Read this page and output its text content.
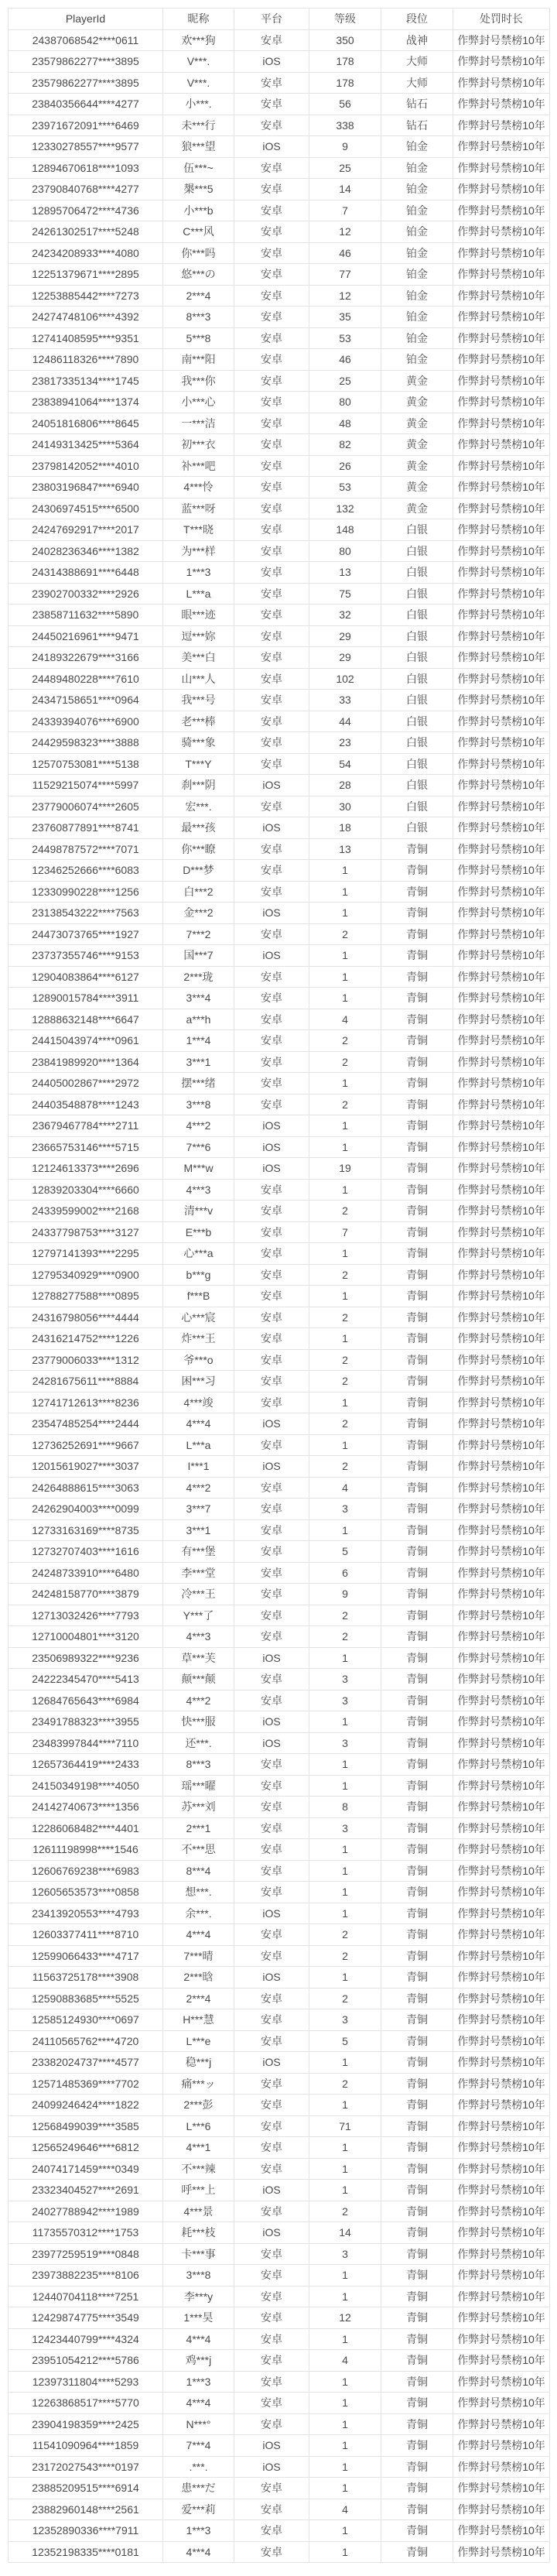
PlayerId	昵称	平台	等级	段位	处罚时长
24387068542****0611	欢***狗	安卓	350	战神	作弊封号禁榜10年
23579862277****3895	V***.	iOS	178	大师	作弊封号禁榜10年
23579862277****3895	V***.	安卓	178	大师	作弊封号禁榜10年
23840356644****4277	小***.	安卓	56	钻石	作弊封号禁榜10年
23971672091****6469	未***行	安卓	338	钻石	作弊封号禁榜10年
12330278557****9577	狼***望	iOS	9	铂金	作弊封号禁榜10年
12894670618****1093	伍***~	安卓	25	铂金	作弊封号禁榜10年
23790840768****4277	槼***5	安卓	14	铂金	作弊封号禁榜10年
12895706472****4736	小***b	安卓	7	铂金	作弊封号禁榜10年
24261302517****5248	C***风	安卓	12	铂金	作弊封号禁榜10年
24234208933****4080	你***吗	安卓	46	铂金	作弊封号禁榜10年
12251379671****2895	悠***の	安卓	77	铂金	作弊封号禁榜10年
12253885442****7273	2***4	安卓	12	铂金	作弊封号禁榜10年
24274748106****4392	8***3	安卓	35	铂金	作弊封号禁榜10年
12741408595****9351	5***8	安卓	53	铂金	作弊封号禁榜10年
12486118326****7890	南***阳	安卓	46	铂金	作弊封号禁榜10年
23817335134****1745	我***你	安卓	25	黄金	作弊封号禁榜10年
23838941064****1374	小***心	安卓	80	黄金	作弊封号禁榜10年
24051816806****8645	一***洁	安卓	48	黄金	作弊封号禁榜10年
24149313425****5364	初***衣	安卓	82	黄金	作弊封号禁榜10年
23798142052****4010	补***吧	安卓	26	黄金	作弊封号禁榜10年
23803196847****6940	4***怜	安卓	53	黄金	作弊封号禁榜10年
24306974515****6500	蓝***呀	安卓	132	黄金	作弊封号禁榜10年
24247692917****2017	T***晓	安卓	148	白银	作弊封号禁榜10年
24028236346****1382	为***样	安卓	80	白银	作弊封号禁榜10年
24314388691****6448	1***3	安卓	13	白银	作弊封号禁榜10年
23902700332****2926	L***a	安卓	75	白银	作弊封号禁榜10年
23858711632****5890	眼***迹	安卓	32	白银	作弊封号禁榜10年
24450216961****9471	逗***妳	安卓	29	白银	作弊封号禁榜10年
24189322679****3166	美***白	安卓	29	白银	作弊封号禁榜10年
24489480228****7610	山***人	安卓	102	白银	作弊封号禁榜10年
24347158651****0964	我***号	安卓	33	白银	作弊封号禁榜10年
24339394076****6900	老***棒	安卓	44	白银	作弊封号禁榜10年
24429598323****3888	骑***象	安卓	23	白银	作弊封号禁榜10年
12570753081****5138	T***Y	安卓	54	白银	作弊封号禁榜10年
11529215074****5997	刹***阴	iOS	28	白银	作弊封号禁榜10年
23779006074****2605	宏***.	安卓	30	白银	作弊封号禁榜10年
23760877891****8741	最***孩	iOS	18	白银	作弊封号禁榜10年
24498787572****7071	你***瞭	安卓	13	青铜	作弊封号禁榜10年
12346252666****6083	D***梦	安卓	1	青铜	作弊封号禁榜10年
12330990228****1256	白***2	安卓	1	青铜	作弊封号禁榜10年
23138543222****7563	金***2	iOS	1	青铜	作弊封号禁榜10年
24473073765****1927	7***2	安卓	2	青铜	作弊封号禁榜10年
23737355746****9153	国***7	iOS	1	青铜	作弊封号禁榜10年
12904083864****6127	2***珑	安卓	1	青铜	作弊封号禁榜10年
12890015784****3911	3***4	安卓	1	青铜	作弊封号禁榜10年
12888632148****6647	a***h	安卓	4	青铜	作弊封号禁榜10年
24415043974****0961	1***4	安卓	2	青铜	作弊封号禁榜10年
23841989920****1364	3***1	安卓	2	青铜	作弊封号禁榜10年
24405002867****2972	摆***绪	安卓	1	青铜	作弊封号禁榜10年
24403548878****1243	3***8	安卓	2	青铜	作弊封号禁榜10年
23679467784****2711	4***2	iOS	1	青铜	作弊封号禁榜10年
23665753146****5715	7***6	iOS	1	青铜	作弊封号禁榜10年
12124613373****2696	M***w	iOS	19	青铜	作弊封号禁榜10年
12839203304****6660	4***3	安卓	1	青铜	作弊封号禁榜10年
24339599002****2168	清***v	安卓	2	青铜	作弊封号禁榜10年
24337798753****3127	E***b	安卓	7	青铜	作弊封号禁榜10年
12797141393****2295	心***a	安卓	1	青铜	作弊封号禁榜10年
12795340929****0900	b***g	安卓	2	青铜	作弊封号禁榜10年
12788277588****0895	f***B	安卓	1	青铜	作弊封号禁榜10年
24316798056****4444	心***宸	安卓	2	青铜	作弊封号禁榜10年
24316214752****1226	炸***王	安卓	1	青铜	作弊封号禁榜10年
23779006033****1312	爷***o	安卓	2	青铜	作弊封号禁榜10年
24281675611****8884	困***习	安卓	2	青铜	作弊封号禁榜10年
12741712613****8236	4***竣	安卓	1	青铜	作弊封号禁榜10年
23547485254****2444	4***4	iOS	2	青铜	作弊封号禁榜10年
12736252691****9667	L***a	安卓	1	青铜	作弊封号禁榜10年
12015619027****3037	I***1	iOS	2	青铜	作弊封号禁榜10年
24264888615****3063	4***2	安卓	4	青铜	作弊封号禁榜10年
24262904003****0099	3***7	安卓	3	青铜	作弊封号禁榜10年
12733163169****8735	3***1	安卓	1	青铜	作弊封号禁榜10年
12732707403****1616	有***堡	安卓	5	青铜	作弊封号禁榜10年
24248733910****6480	李***堂	安卓	6	青铜	作弊封号禁榜10年
24248158770****3879	冷***王	安卓	9	青铜	作弊封号禁榜10年
12713032426****7793	Y***了	安卓	2	青铜	作弊封号禁榜10年
12710004801****3120	4***3	安卓	2	青铜	作弊封号禁榜10年
23506989322****9236	草***芙	iOS	1	青铜	作弊封号禁榜10年
24222345470****5413	颠***颠	安卓	3	青铜	作弊封号禁榜10年
12684765643****6984	4***2	安卓	3	青铜	作弊封号禁榜10年
23491788323****3955	快***服	iOS	1	青铜	作弊封号禁榜10年
23483997844****7110	还***.	iOS	3	青铜	作弊封号禁榜10年
12657364419****2433	8***3	安卓	1	青铜	作弊封号禁榜10年
24150349198****4050	瑶***曜	安卓	1	青铜	作弊封号禁榜10年
24142740673****1356	苏***刘	安卓	8	青铜	作弊封号禁榜10年
12286068482****4401	2***1	安卓	3	青铜	作弊封号禁榜10年
12611198998****1546	不***思	安卓	1	青铜	作弊封号禁榜10年
12606769238****6983	8***4	安卓	1	青铜	作弊封号禁榜10年
12605653573****0858	想***.	安卓	1	青铜	作弊封号禁榜10年
23413920553****4793	余***.	iOS	1	青铜	作弊封号禁榜10年
12603377411****8710	4***4	安卓	2	青铜	作弊封号禁榜10年
12599066433****4717	7***晴	安卓	2	青铜	作弊封号禁榜10年
11563725178****3908	2***晗	iOS	1	青铜	作弊封号禁榜10年
12590883685****5525	2***4	安卓	2	青铜	作弊封号禁榜10年
12585124930****0697	H***慧	安卓	3	青铜	作弊封号禁榜10年
24110565762****4720	L***e	安卓	5	青铜	作弊封号禁榜10年
23382024737****4577	稳***j	iOS	1	青铜	作弊封号禁榜10年
12571485369****7702	痛***ッ	安卓	2	青铜	作弊封号禁榜10年
24099246424****1822	2***彭	安卓	1	青铜	作弊封号禁榜10年
12568499039****3585	L***6	安卓	71	青铜	作弊封号禁榜10年
12565249646****6812	4***1	安卓	1	青铜	作弊封号禁榜10年
24074171459****0349	不***辣	安卓	1	青铜	作弊封号禁榜10年
23323404527****2691	呼***上	iOS	1	青铜	作弊封号禁榜10年
24027788942****1989	4***景	安卓	2	青铜	作弊封号禁榜10年
11735570312****1753	耗***枝	iOS	14	青铜	作弊封号禁榜10年
23977259519****0848	卡***事	安卓	3	青铜	作弊封号禁榜10年
23973882235****8106	3***8	安卓	1	青铜	作弊封号禁榜10年
12440704118****7251	李***y	安卓	1	青铜	作弊封号禁榜10年
12429874775****3549	1***昊	安卓	12	青铜	作弊封号禁榜10年
12423440799****4324	4***4	安卓	1	青铜	作弊封号禁榜10年
23951054212****5786	鸡***j	安卓	4	青铜	作弊封号禁榜10年
12397311804****5293	1***3	安卓	1	青铜	作弊封号禁榜10年
12263868517****5770	4***4	安卓	1	青铜	作弊封号禁榜10年
23904198359****2425	N***°	安卓	1	青铜	作弊封号禁榜10年
11541090964****1859	7***4	iOS	1	青铜	作弊封号禁榜10年
23172027543****0197	.***.	iOS	1	青铜	作弊封号禁榜10年
23885209515****6914	患***だ	安卓	1	青铜	作弊封号禁榜10年
23882960148****2561	爱***莉	安卓	4	青铜	作弊封号禁榜10年
12352890336****7911	1***3	安卓	1	青铜	作弊封号禁榜10年
12352198335****0181	4***4	安卓	1	青铜	作弊封号禁榜10年
